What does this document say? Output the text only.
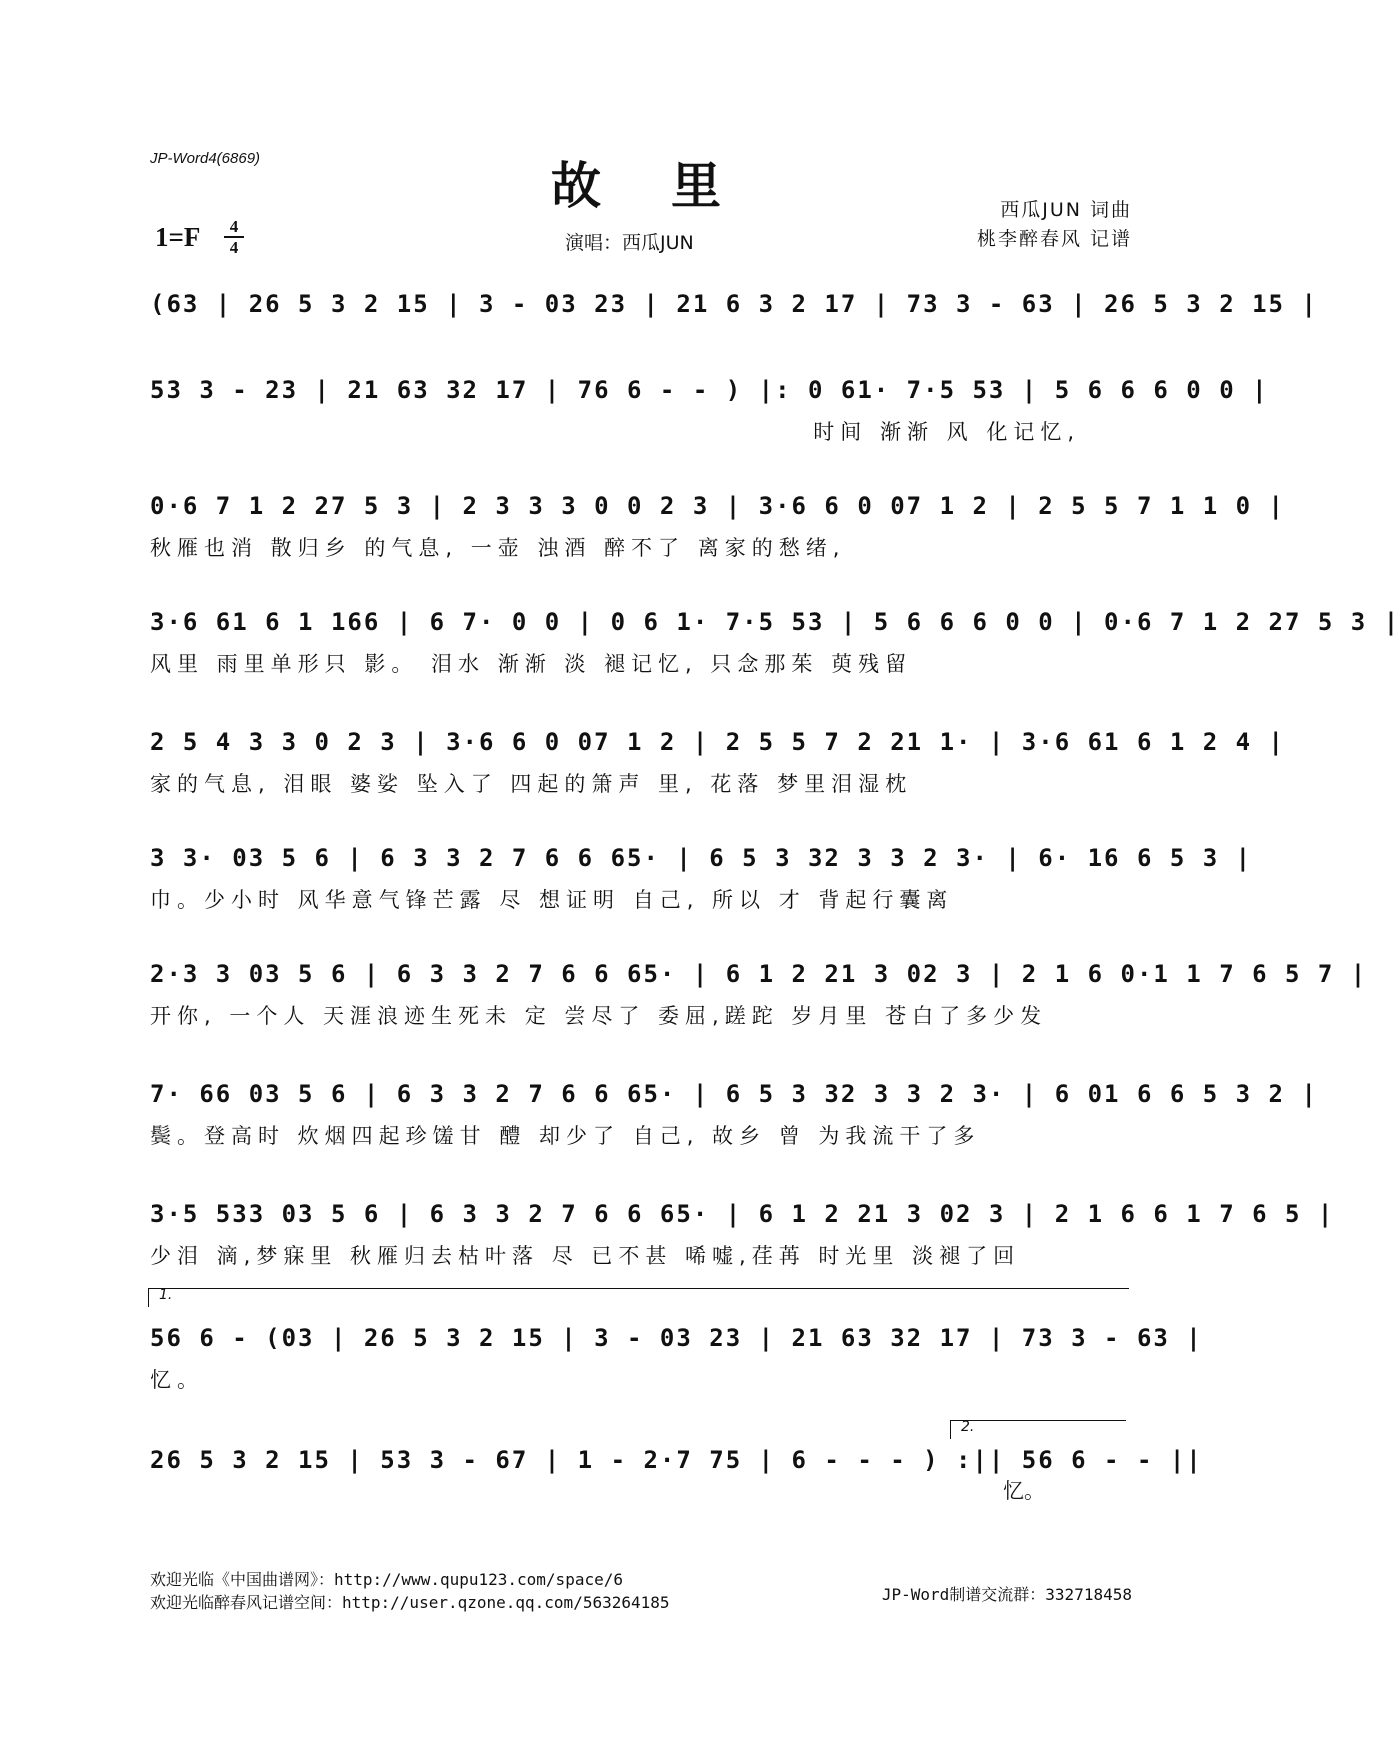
JP-Word4(6869)	故里
1=F	4
4	演唱：西瓜JUN
西瓜JUN 词曲
桃李醉春风 记谱
(63 | 26 5 3 2 15 | 3 - 03 23 | 21 6 3 2 17 | 73 3 - 63 | 26 5 3 2 15 |
53 3 - 23 | 21 63 32 17 | 76 6 - - ) |: 0 61· 7·5 53 | 5 6 6 6 0 0 |
时间 渐渐 风 化记忆,
0·6 7 1 2 27 5 3 | 2 3 3 3 0 0 2 3 | 3·6 6 0 07 1 2 | 2 5 5 7 1 1 0 |
秋雁也消 散归乡 的气息, 一壶 浊酒 醉不了 离家的愁绪,
3·6 61 6 1 166 | 6 7· 0 0 | 0 6 1· 7·5 53 | 5 6 6 6 0 0 | 0·6 7 1 2 27 5 3 |
风里 雨里单形只 影。 泪水 渐渐 淡 褪记忆, 只念那茱 萸残留
2 5 4 3 3 0 2 3 | 3·6 6 0 07 1 2 | 2 5 5 7 2 21 1· | 3·6 61 6 1 2 4 |
家的气息, 泪眼 婆娑 坠入了 四起的箫声 里, 花落 梦里泪湿枕
3 3· 03 5 6 | 6 3 3 2 7 6 6 65· | 6 5 3 32 3 3 2 3· | 6· 16 6 5 3 |
巾。少小时 风华意气锋芒露 尽 想证明 自己, 所以 才 背起行囊离
2·3 3 03 5 6 | 6 3 3 2 7 6 6 65· | 6 1 2 21 3 02 3 | 2 1 6 0·1 1 7 6 5 7 |
开你, 一个人 天涯浪迹生死未 定 尝尽了 委屈,蹉跎 岁月里 苍白了多少发
7· 66 03 5 6 | 6 3 3 2 7 6 6 65· | 6 5 3 32 3 3 2 3· | 6 01 6 6 5 3 2 |
鬓。登高时 炊烟四起珍馐甘 醴 却少了 自己, 故乡 曾 为我流干了多
3·5 533 03 5 6 | 6 3 3 2 7 6 6 65· | 6 1 2 21 3 02 3 | 2 1 6 6 1 7 6 5 |
少泪 滴,梦寐里 秋雁归去枯叶落 尽 已不甚 唏嘘,荏苒 时光里 淡褪了回
1.
56 6 - (03 | 26 5 3 2 15 | 3 - 03 23 | 21 63 32 17 | 73 3 - 63 |
忆。
2.
26 5 3 2 15 | 53 3 - 67 | 1 - 2·7 75 | 6 - - - ) :|| 56 6 - - ||
忆。
欢迎光临《中国曲谱网》：http://www.qupu123.com/space/6
欢迎光临醉春风记谱空间：http://user.qzone.qq.com/563264185	JP-Word制谱交流群：332718458
